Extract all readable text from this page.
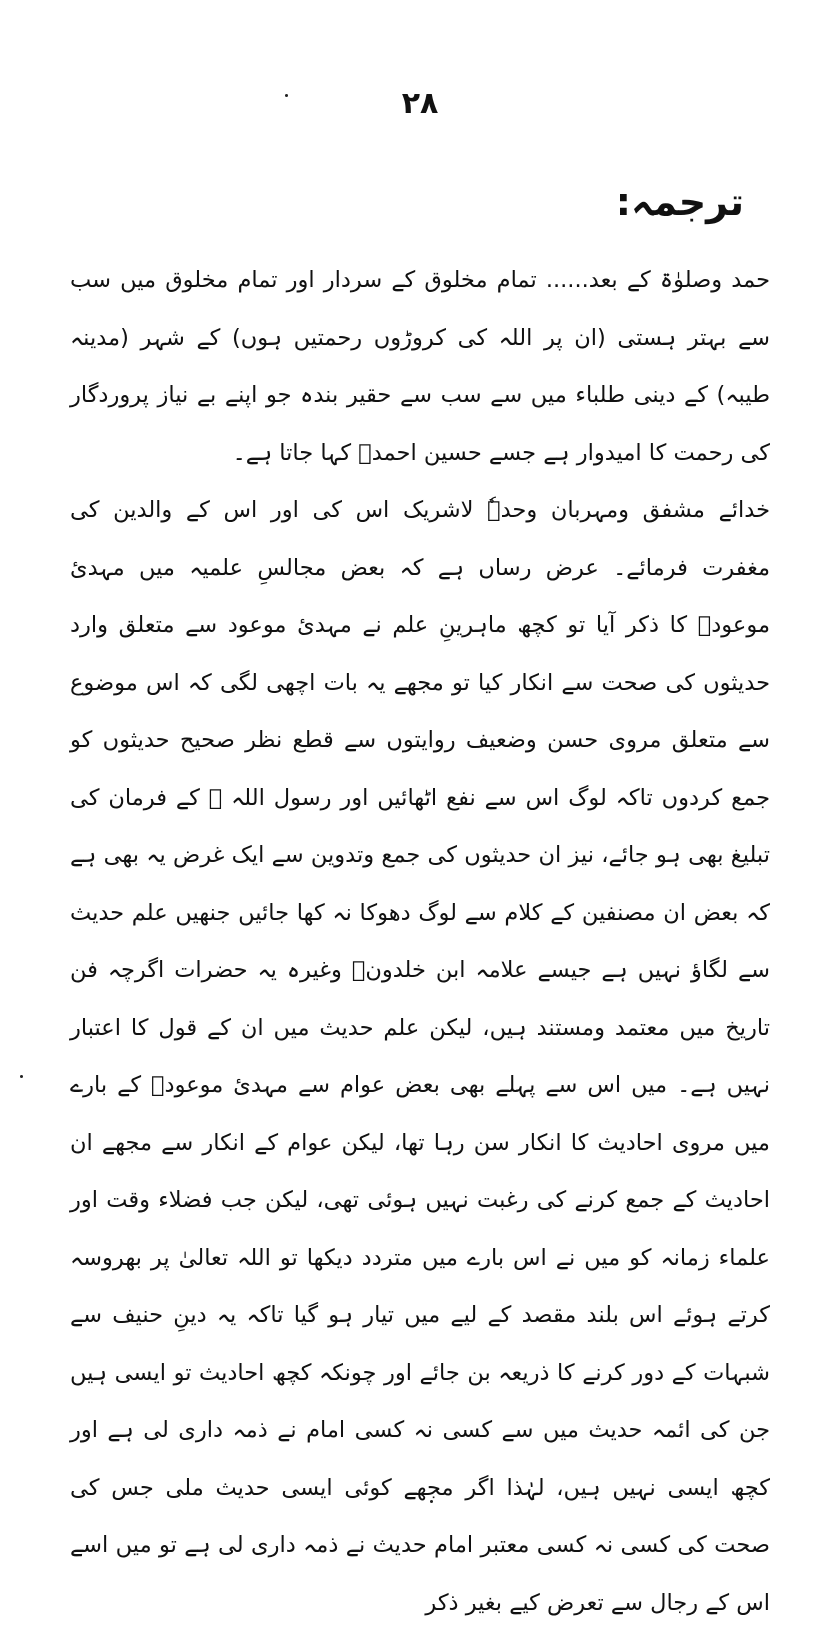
٢٨
ترجمہ:

حمد وصلوٰۃ کے بعد...... تمام مخلوق کے سردار اور تمام مخلوق میں سب سے بہتر ہستی (ان پر اللہ کی کروڑوں رحمتیں ہوں) کے شہر (مدینہ طیبہ) کے دینی طلباء میں سے سب سے حقیر بندہ جو اپنے بے نیاز پروردگار کی رحمت کا امیدوار ہے جسے حسین احمدؒ کہا جاتا ہے۔

خدائے مشفق ومہربان وحدہٗ لاشریک اس کی اور اس کے والدین کی مغفرت فرمائے۔ عرض رساں ہے کہ بعض مجالسِ علمیہ میں مہدئ موعودؑ کا ذکر آیا تو کچھ ماہرینِ علم نے مہدئ موعود سے متعلق وارد حدیثوں کی صحت سے انکار کیا تو مجھے یہ بات اچھی لگی کہ اس موضوع سے متعلق مروی حسن وضعیف روایتوں سے قطع نظر صحیح حدیثوں کو جمع کردوں تاکہ لوگ اس سے نفع اٹھائیں اور رسول اللہ ﷺ کے فرمان کی تبلیغ بھی ہو جائے، نیز ان حدیثوں کی جمع وتدوین سے ایک غرض یہ بھی ہے کہ بعض ان مصنفین کے کلام سے لوگ دھوکا نہ کھا جائیں جنھیں علم حدیث سے لگاؤ نہیں ہے جیسے علامہ ابن خلدونؒ وغیرہ یہ حضرات اگرچہ فن تاریخ میں معتمد ومستند ہیں، لیکن علم حدیث میں ان کے قول کا اعتبار نہیں ہے۔ میں اس سے پہلے بھی بعض عوام سے مہدئ موعودؑ کے بارے میں مروی احادیث کا انکار سن رہا تھا، لیکن عوام کے انکار سے مجھے ان احادیث کے جمع کرنے کی رغبت نہیں ہوئی تھی، لیکن جب فضلاء وقت اور علماء زمانہ کو میں نے اس بارے میں متردد دیکھا تو اللہ تعالیٰ پر بھروسہ کرتے ہوئے اس بلند مقصد کے لیے میں تیار ہو گیا تاکہ یہ دینِ حنیف سے شبہات کے دور کرنے کا ذریعہ بن جائے اور چونکہ کچھ احادیث تو ایسی ہیں جن کی ائمہ حدیث میں سے کسی نہ کسی امام نے ذمہ داری لی ہے اور کچھ ایسی نہیں ہیں، لہٰذا اگر مجھے کوئی ایسی حدیث ملی جس کی صحت کی کسی نہ کسی معتبر امام حدیث نے ذمہ داری لی ہے تو میں اسے اس کے رجال سے تعرض کیے بغیر ذکر
